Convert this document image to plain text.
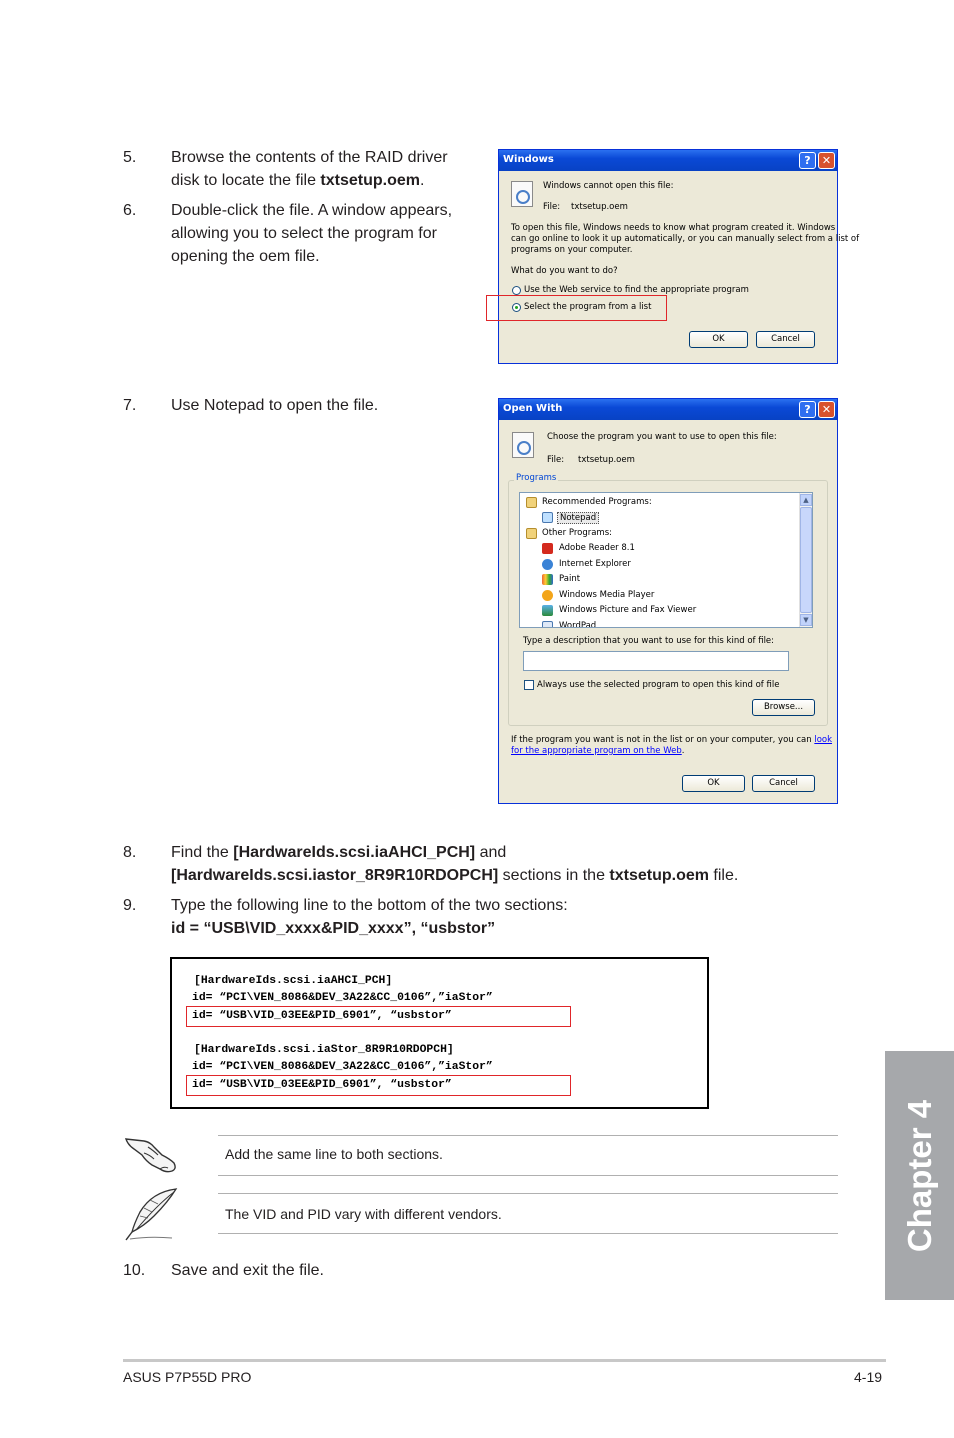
5. Browse the contents of the RAID driver
disk to locate the file txtsetup.oem.
6. Double-click the file. A window appears,
allowing you to select the program for
opening the oem file.
Windows	?	✕
Windows cannot open this file:
File: txtsetup.oem
To open this file, Windows needs to know what program created it. Windows
can go online to look it up automatically, or you can manually select from a list of
programs on your computer.
What do you want to do?
Use the Web service to find the appropriate program
Select the program from a list
OK	Cancel
7. Use Notepad to open the file.	Open With	?	✕
Choose the program you want to use to open this file:
File: txtsetup.oem
Programs
Recommended Programs:
Notepad
Other Programs:
Adobe Reader 8.1
Internet Explorer
Paint
Windows Media Player
Windows Picture and Fax Viewer
WordPad
▲
▼
Type a description that you want to use for this kind of file:
Always use the selected program to open this kind of file
Browse...
If the program you want is not in the list or on your computer, you can look
for the appropriate program on the Web.
OK	Cancel
8. Find the [HardwareIds.scsi.iaAHCI_PCH] and
[HardwareIds.scsi.iastor_8R9R10RDOPCH] sections in the txtsetup.oem file.
9. Type the following line to the bottom of the two sections:
id = “USB\VID_xxxx&PID_xxxx”, “usbstor”
[HardwareIds.scsi.iaAHCI_PCH]
id= “PCI\VEN_8086&DEV_3A22&CC_0106”,”iaStor”
id= “USB\VID_03EE&PID_6901”, “usbstor”
[HardwareIds.scsi.iaStor_8R9R10RDOPCH]
id= “PCI\VEN_8086&DEV_3A22&CC_0106”,”iaStor”
id= “USB\VID_03EE&PID_6901”, “usbstor”
Add the same line to both sections.
The VID and PID vary with different vendors.
10. Save and exit the file.
Chapter 4
ASUS P7P55D PRO	4-19
